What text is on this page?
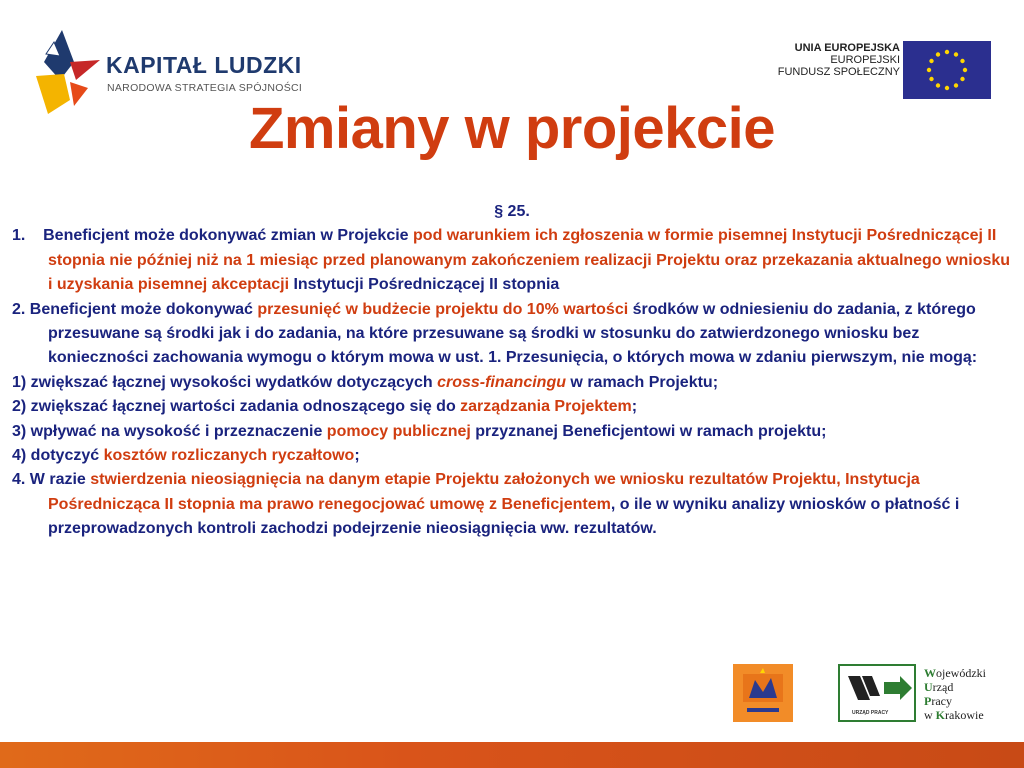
KAPITAŁ LUDZKI
NARODOWA STRATEGIA SPÓJNOŚCI
UNIA EUROPEJSKA
EUROPEJSKI
FUNDUSZ SPOŁECZNY
Zmiany w projekcie

§ 25.

1.    Beneficjent może dokonywać zmian w Projekcie pod warunkiem ich zgłoszenia w formie pisemnej Instytucji Pośredniczącej II stopnia nie później niż na 1 miesiąc przed planowanym zakończeniem realizacji Projektu oraz przekazania aktualnego wniosku i uzyskania pisemnej akceptacji Instytucji Pośredniczącej II stopnia

2. Beneficjent może dokonywać przesunięć w budżecie projektu do 10% wartości środków w odniesieniu do zadania, z którego przesuwane są środki jak i do zadania, na które przesuwane są środki w stosunku do zatwierdzonego wniosku bez konieczności zachowania wymogu o którym mowa w ust. 1. Przesunięcia, o których mowa w zdaniu pierwszym, nie mogą:

1) zwiększać łącznej wysokości wydatków dotyczących cross-financingu w ramach Projektu;

2) zwiększać łącznej wartości zadania odnoszącego się do zarządzania Projektem;

3) wpływać na wysokość i przeznaczenie pomocy publicznej przyznanej Beneficjentowi w ramach projektu;

4) dotyczyć kosztów rozliczanych ryczałtowo;

4. W razie stwierdzenia nieosiągnięcia na danym etapie Projektu założonych we wniosku rezultatów Projektu, Instytucja Pośrednicząca II stopnia ma prawo renegocjować umowę z Beneficjentem, o ile w wyniku analizy wniosków o płatność i przeprowadzonych kontroli zachodzi podejrzenie nieosiągnięcia ww. rezultatów.

URZĄD PRACY
Wojewódzki
Urząd
Pracy
w Krakowie
